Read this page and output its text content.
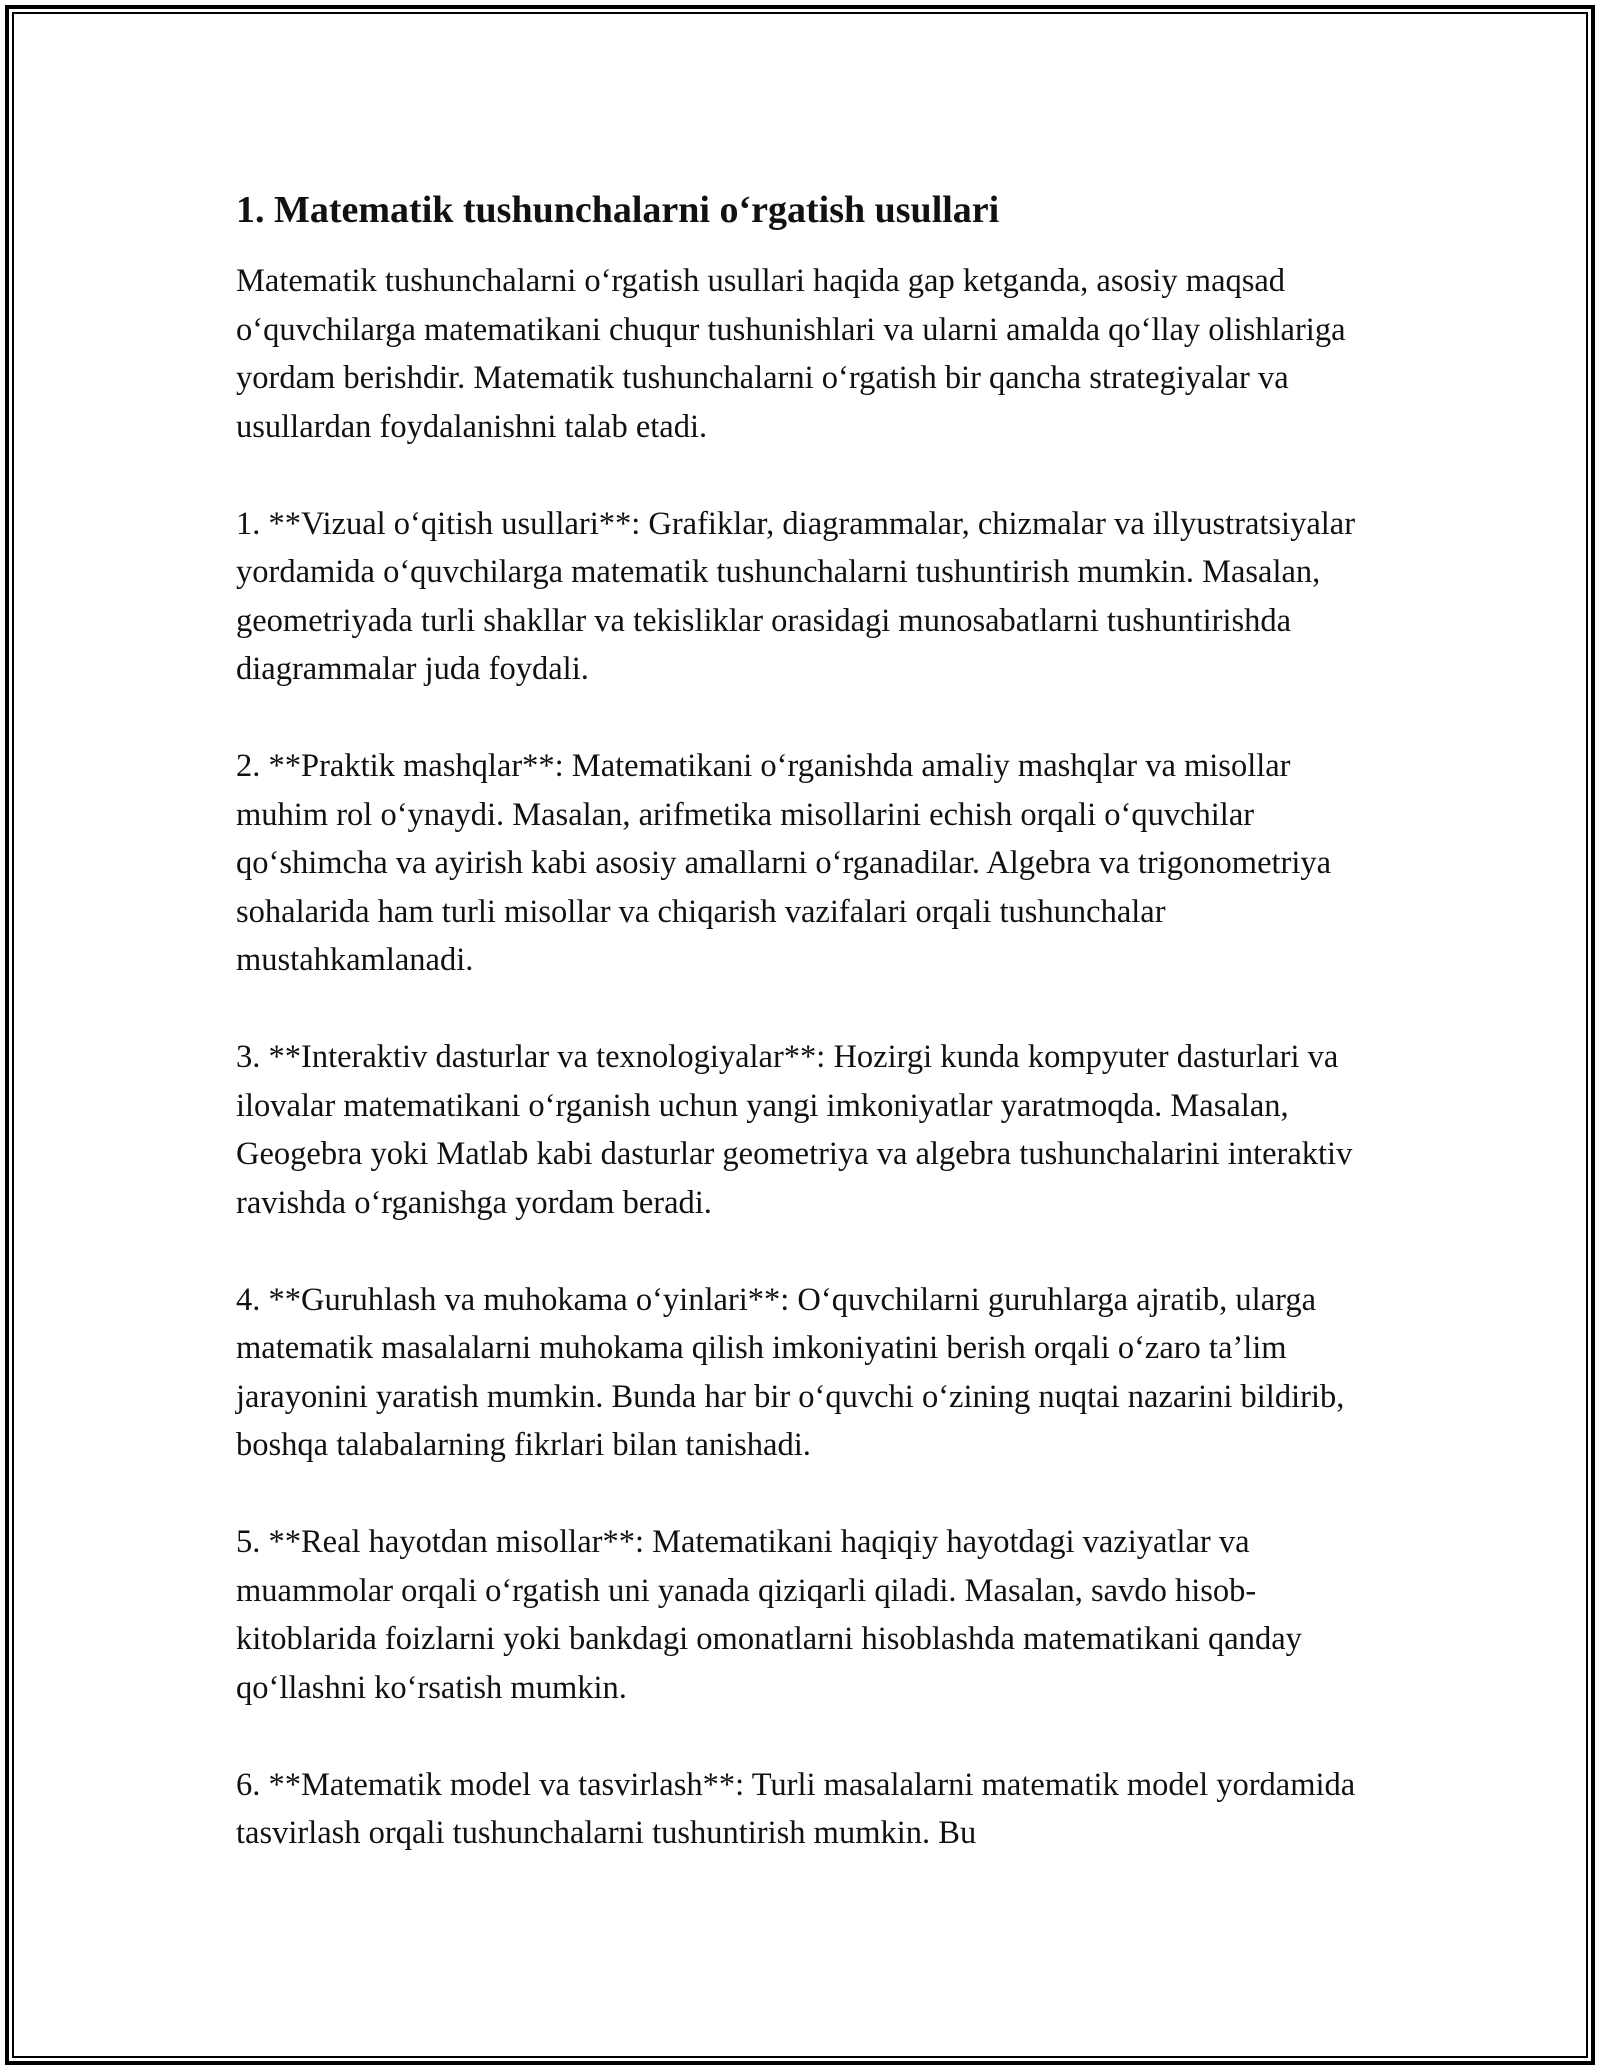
1. Matematik tushunchalarni o‘rgatish usullari

Matematik tushunchalarni o‘rgatish usullari haqida gap ketganda, asosiy maqsad o‘quvchilarga matematikani chuqur tushunishlari va ularni amalda qo‘llay olishlariga yordam berishdir. Matematik tushunchalarni o‘rgatish bir qancha strategiyalar va usullardan foydalanishni talab etadi.

1. **Vizual o‘qitish usullari**: Grafiklar, diagrammalar, chizmalar va illyustratsiyalar yordamida o‘quvchilarga matematik tushunchalarni tushuntirish mumkin. Masalan, geometriyada turli shakllar va tekisliklar orasidagi munosabatlarni tushuntirishda diagrammalar juda foydali.

2. **Praktik mashqlar**: Matematikani o‘rganishda amaliy mashqlar va misollar muhim rol o‘ynaydi. Masalan, arifmetika misollarini echish orqali o‘quvchilar qo‘shimcha va ayirish kabi asosiy amallarni o‘rganadilar. Algebra va trigonometriya sohalarida ham turli misollar va chiqarish vazifalari orqali tushunchalar mustahkamlanadi.

3. **Interaktiv dasturlar va texnologiyalar**: Hozirgi kunda kompyuter dasturlari va ilovalar matematikani o‘rganish uchun yangi imkoniyatlar yaratmoqda. Masalan, Geogebra yoki Matlab kabi dasturlar geometriya va algebra tushunchalarini interaktiv ravishda o‘rganishga yordam beradi.

4. **Guruhlash va muhokama o‘yinlari**: O‘quvchilarni guruhlarga ajratib, ularga matematik masalalarni muhokama qilish imkoniyatini berish orqali o‘zaro ta’lim jarayonini yaratish mumkin. Bunda har bir o‘quvchi o‘zining nuqtai nazarini bildirib, boshqa talabalarning fikrlari bilan tanishadi.

5. **Real hayotdan misollar**: Matematikani haqiqiy hayotdagi vaziyatlar va muammolar orqali o‘rgatish uni yanada qiziqarli qiladi. Masalan, savdo hisob-kitoblarida foizlarni yoki bankdagi omonatlarni hisoblashda matematikani qanday qo‘llashni ko‘rsatish mumkin.

6. **Matematik model va tasvirlash**: Turli masalalarni matematik model yordamida tasvirlash orqali tushunchalarni tushuntirish mumkin. Bu
